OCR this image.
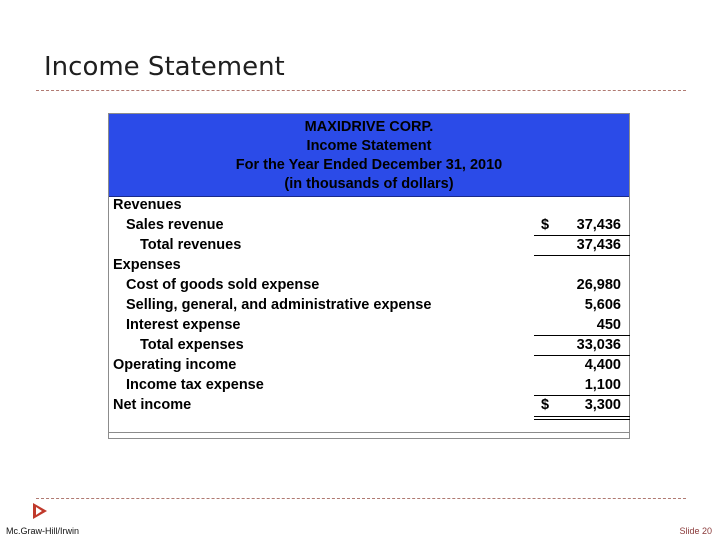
Income Statement
MAXIDRIVE CORP.
Income Statement
For the Year Ended December 31, 2010
(in thousands of dollars)
Revenues
Sales revenue	$ 37,436
Total revenues	37,436
Expenses
Cost of goods sold expense	26,980
Selling, general, and administrative expense	5,606
Interest expense	450
Total expenses	33,036
Operating income	4,400
Income tax expense	1,100
Net income	$ 3,300
Mc.Graw-Hill/Irwin	Slide 20
